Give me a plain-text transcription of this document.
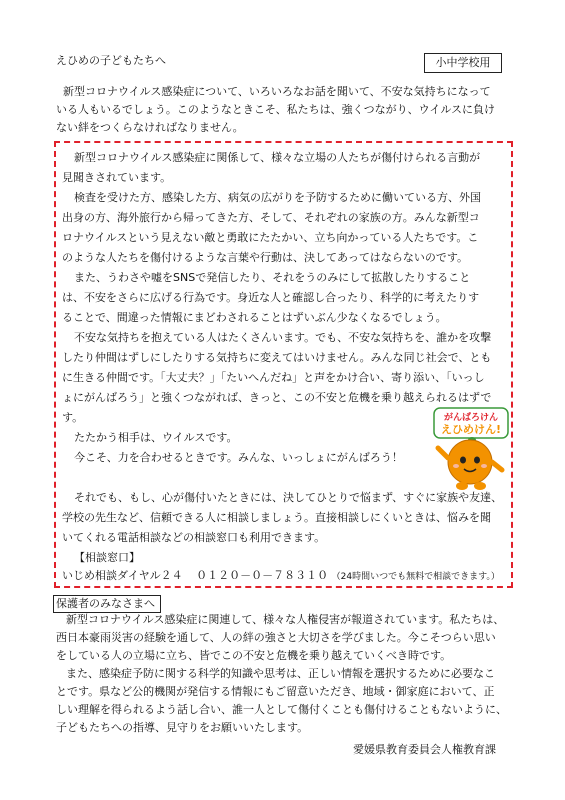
えひめの子どもたちへ	小中学校用
新型コロナウイルス感染症について、いろいろなお話を聞いて、不安な気持ちになって
いる人もいるでしょう。このようなときこそ、私たちは、強くつながり、ウイルスに負け
ない絆をつくらなければなりません。
新型コロナウイルス感染症に関係して、様々な立場の人たちが傷付けられる言動が
見聞きされています。
検査を受けた方、感染した方、病気の広がりを予防するために働いている方、外国
出身の方、海外旅行から帰ってきた方、そして、それぞれの家族の方。みんな新型コ
ロナウイルスという見えない敵と勇敢にたたかい、立ち向かっている人たちです。こ
のような人たちを傷付けるような言葉や行動は、決してあってはならないのです。
また、うわさや嘘をSNSで発信したり、それをうのみにして拡散したりすること
は、不安をさらに広げる行為です。身近な人と確認し合ったり、科学的に考えたりす
ることで、間違った情報にまどわされることはずいぶん少なくなるでしょう。
不安な気持ちを抱えている人はたくさんいます。でも、不安な気持ちを、誰かを攻撃
したり仲間はずしにしたりする気持ちに変えてはいけません。みんな同じ社会で、とも
に生きる仲間です。「大丈夫？」「たいへんだね」と声をかけ合い、寄り添い、「いっし
ょにがんばろう」と強くつながれば、きっと、この不安と危機を乗り越えられるはずで
す。
たたかう相手は、ウイルスです。
今こそ、力を合わせるときです。みんな、いっしょにがんばろう！
それでも、もし、心が傷付いたときには、決してひとりで悩まず、すぐに家族や友達、
学校の先生など、信頼できる人に相談しましょう。直接相談しにくいときは、悩みを聞
いてくれる電話相談などの相談窓口も利用できます。
【相談窓口】
いじめ相談ダイヤル２４ ０１２０－０－７８３１０ （24時間いつでも無料で相談できます。）
がんばろけん
えひめけん!
保護者のみなさまへ
新型コロナウイルス感染症に関連して、様々な人権侵害が報道されています。私たちは、
西日本豪雨災害の経験を通して、人の絆の強さと大切さを学びました。今こそつらい思い
をしている人の立場に立ち、皆でこの不安と危機を乗り越えていくべき時です。
また、感染症予防に関する科学的知識や思考は、正しい情報を選択するために必要なこ
とです。県など公的機関が発信する情報にもご留意いただき、地域・御家庭において、正
しい理解を得られるよう話し合い、誰一人として傷付くことも傷付けることもないように、
子どもたちへの指導、見守りをお願いいたします。
愛媛県教育委員会人権教育課
